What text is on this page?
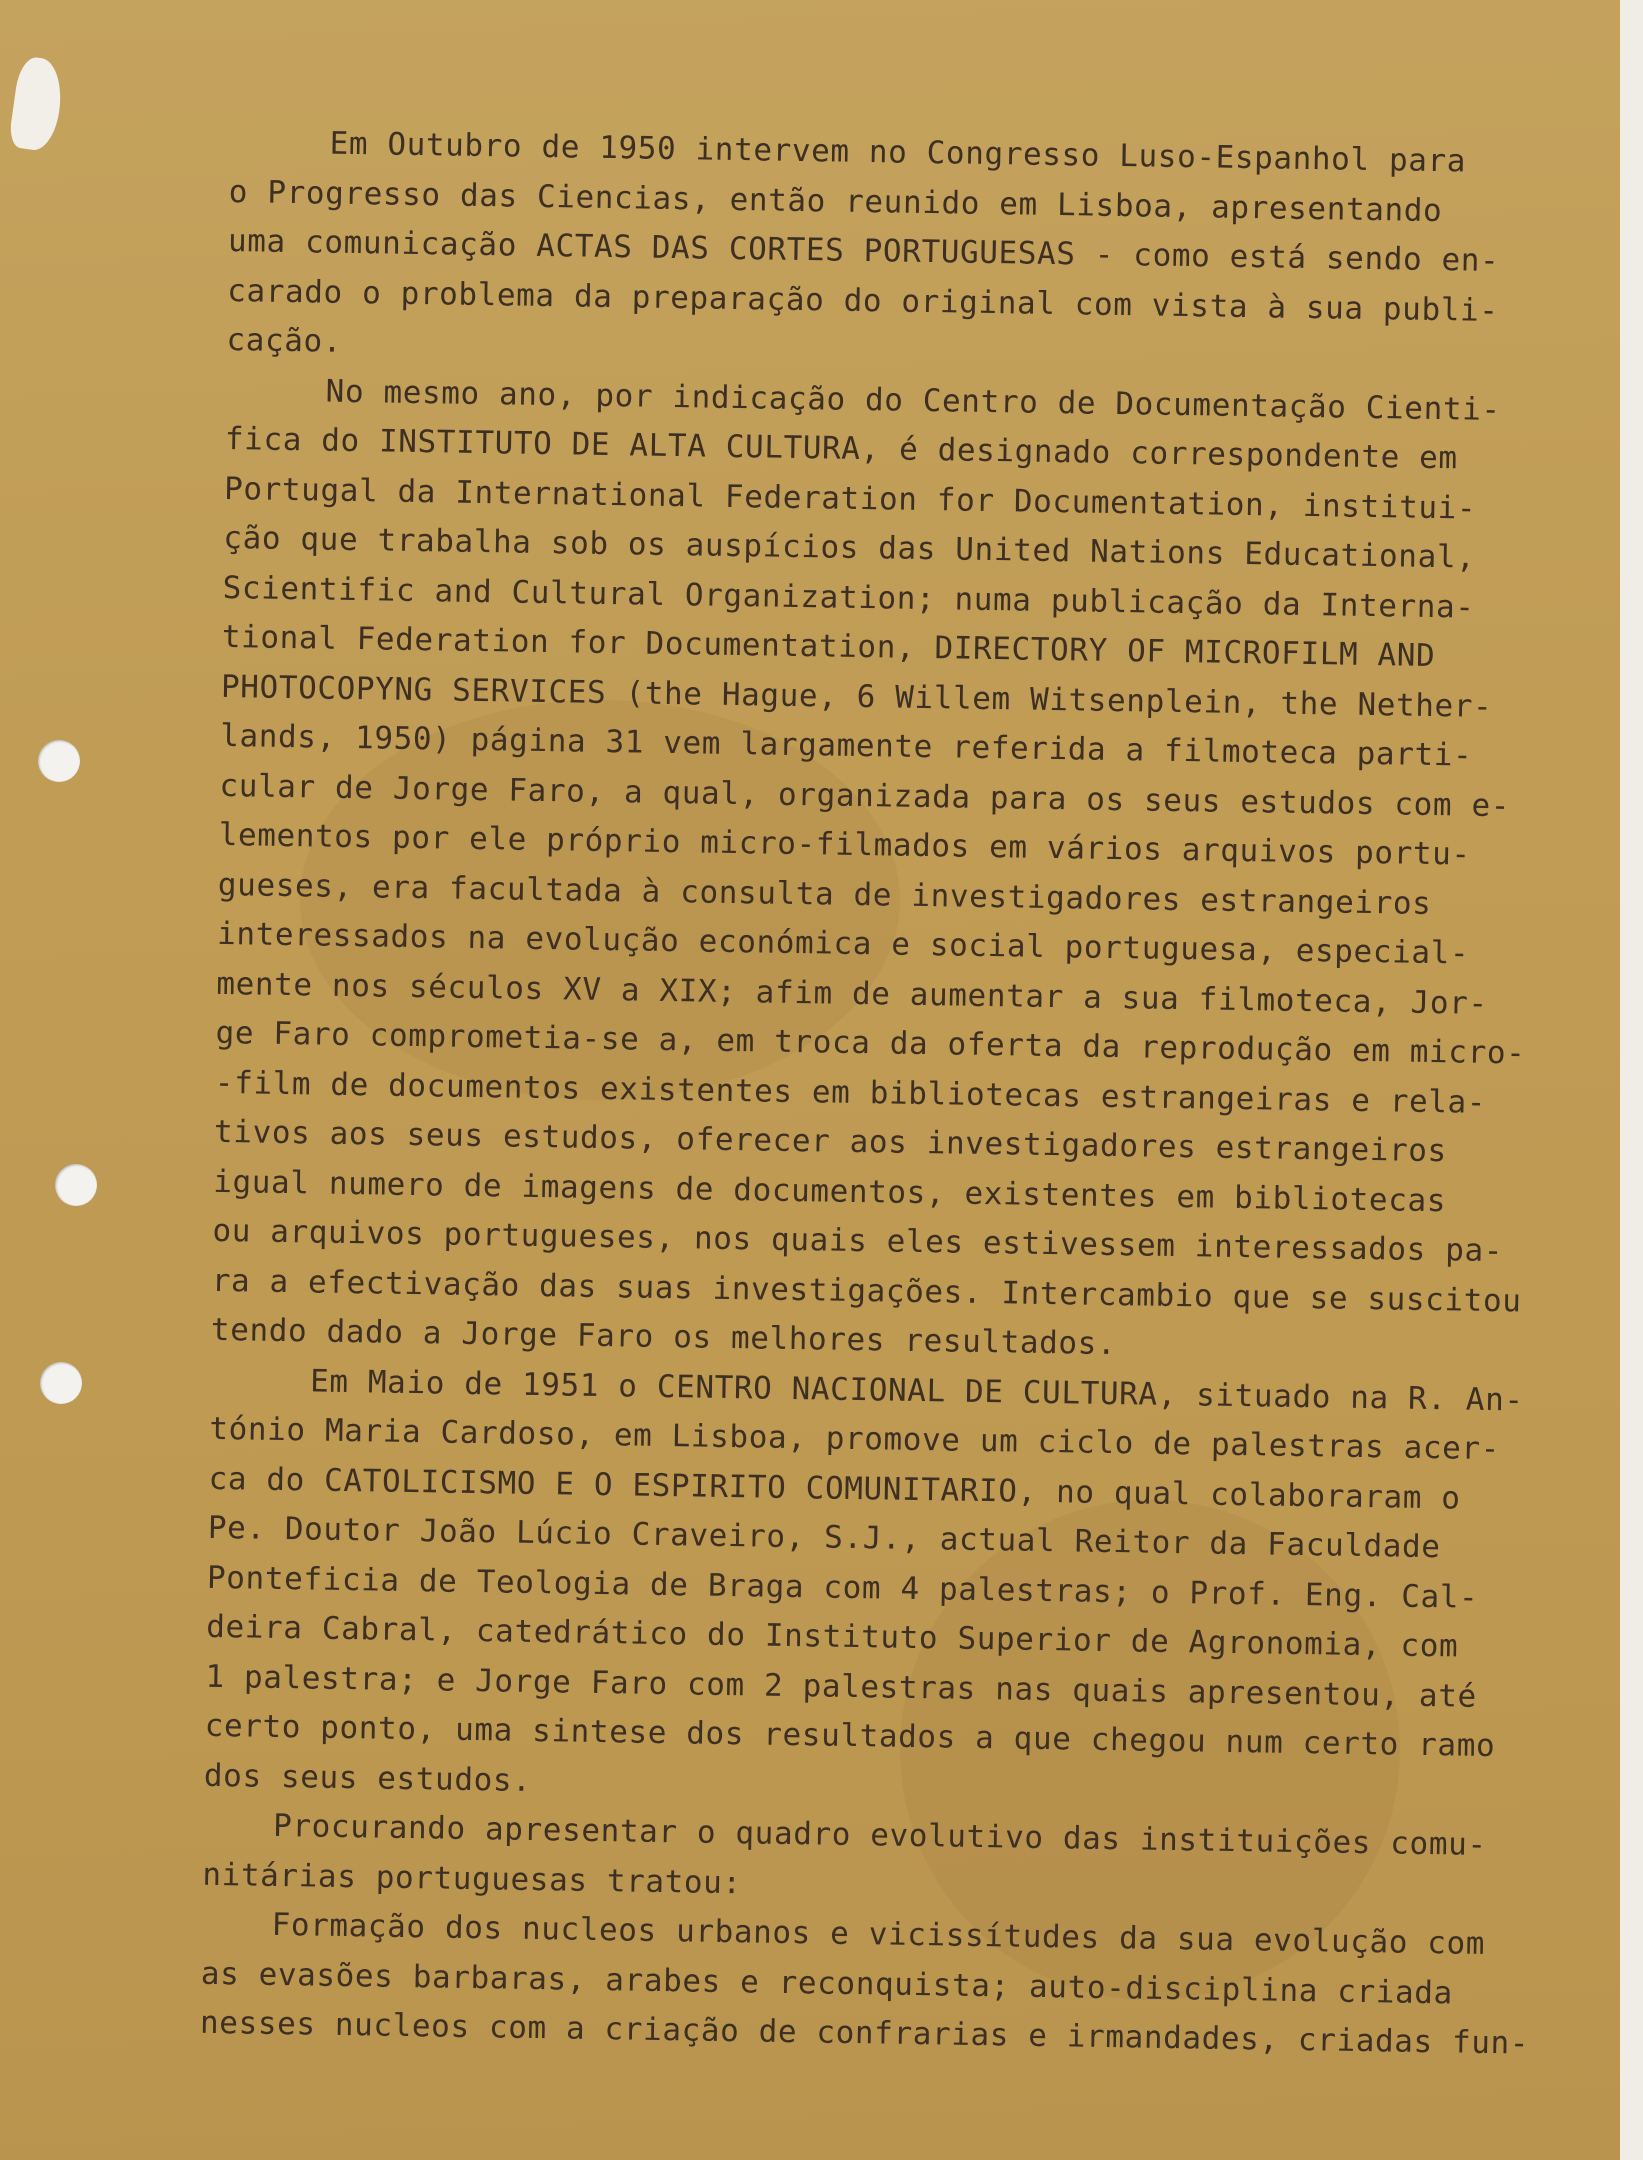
Em Outubro de 1950 intervem no Congresso Luso-Espanhol para
o Progresso das Ciencias, então reunido em Lisboa, apresentando
uma comunicação ACTAS DAS CORTES PORTUGUESAS - como está sendo en-
carado o problema da preparação do original com vista à sua publi-
cação.
No mesmo ano, por indicação do Centro de Documentação Cienti-
fica do INSTITUTO DE ALTA CULTURA, é designado correspondente em
Portugal da International Federation for Documentation, institui-
ção que trabalha sob os auspícios das United Nations Educational,
Scientific and Cultural Organization; numa publicação da Interna-
tional Federation for Documentation, DIRECTORY OF MICROFILM AND
PHOTOCOPYNG SERVICES (the Hague, 6 Willem Witsenplein, the Nether-
lands, 1950) página 31 vem largamente referida a filmoteca parti-
cular de Jorge Faro, a qual, organizada para os seus estudos com e-
lementos por ele próprio micro-filmados em vários arquivos portu-
gueses, era facultada à consulta de investigadores estrangeiros
interessados na evolução económica e social portuguesa, especial-
mente nos séculos XV a XIX; afim de aumentar a sua filmoteca, Jor-
ge Faro comprometia-se a, em troca da oferta da reprodução em micro-
-film de documentos existentes em bibliotecas estrangeiras e rela-
tivos aos seus estudos, oferecer aos investigadores estrangeiros
igual numero de imagens de documentos, existentes em bibliotecas
ou arquivos portugueses, nos quais eles estivessem interessados pa-
ra a efectivação das suas investigações. Intercambio que se suscitou
tendo dado a Jorge Faro os melhores resultados.
Em Maio de 1951 o CENTRO NACIONAL DE CULTURA, situado na R. An-
tónio Maria Cardoso, em Lisboa, promove um ciclo de palestras acer-
ca do CATOLICISMO E O ESPIRITO COMUNITARIO, no qual colaboraram o
Pe. Doutor João Lúcio Craveiro, S.J., actual Reitor da Faculdade
Ponteficia de Teologia de Braga com 4 palestras; o Prof. Eng. Cal-
deira Cabral, catedrático do Instituto Superior de Agronomia, com
1 palestra; e Jorge Faro com 2 palestras nas quais apresentou, até
certo ponto, uma sintese dos resultados a que chegou num certo ramo
dos seus estudos.
Procurando apresentar o quadro evolutivo das instituições comu-
nitárias portuguesas tratou:
Formação dos nucleos urbanos e vicissítudes da sua evolução com
as evasões barbaras, arabes e reconquista; auto-disciplina criada
nesses nucleos com a criação de confrarias e irmandades, criadas fun-
